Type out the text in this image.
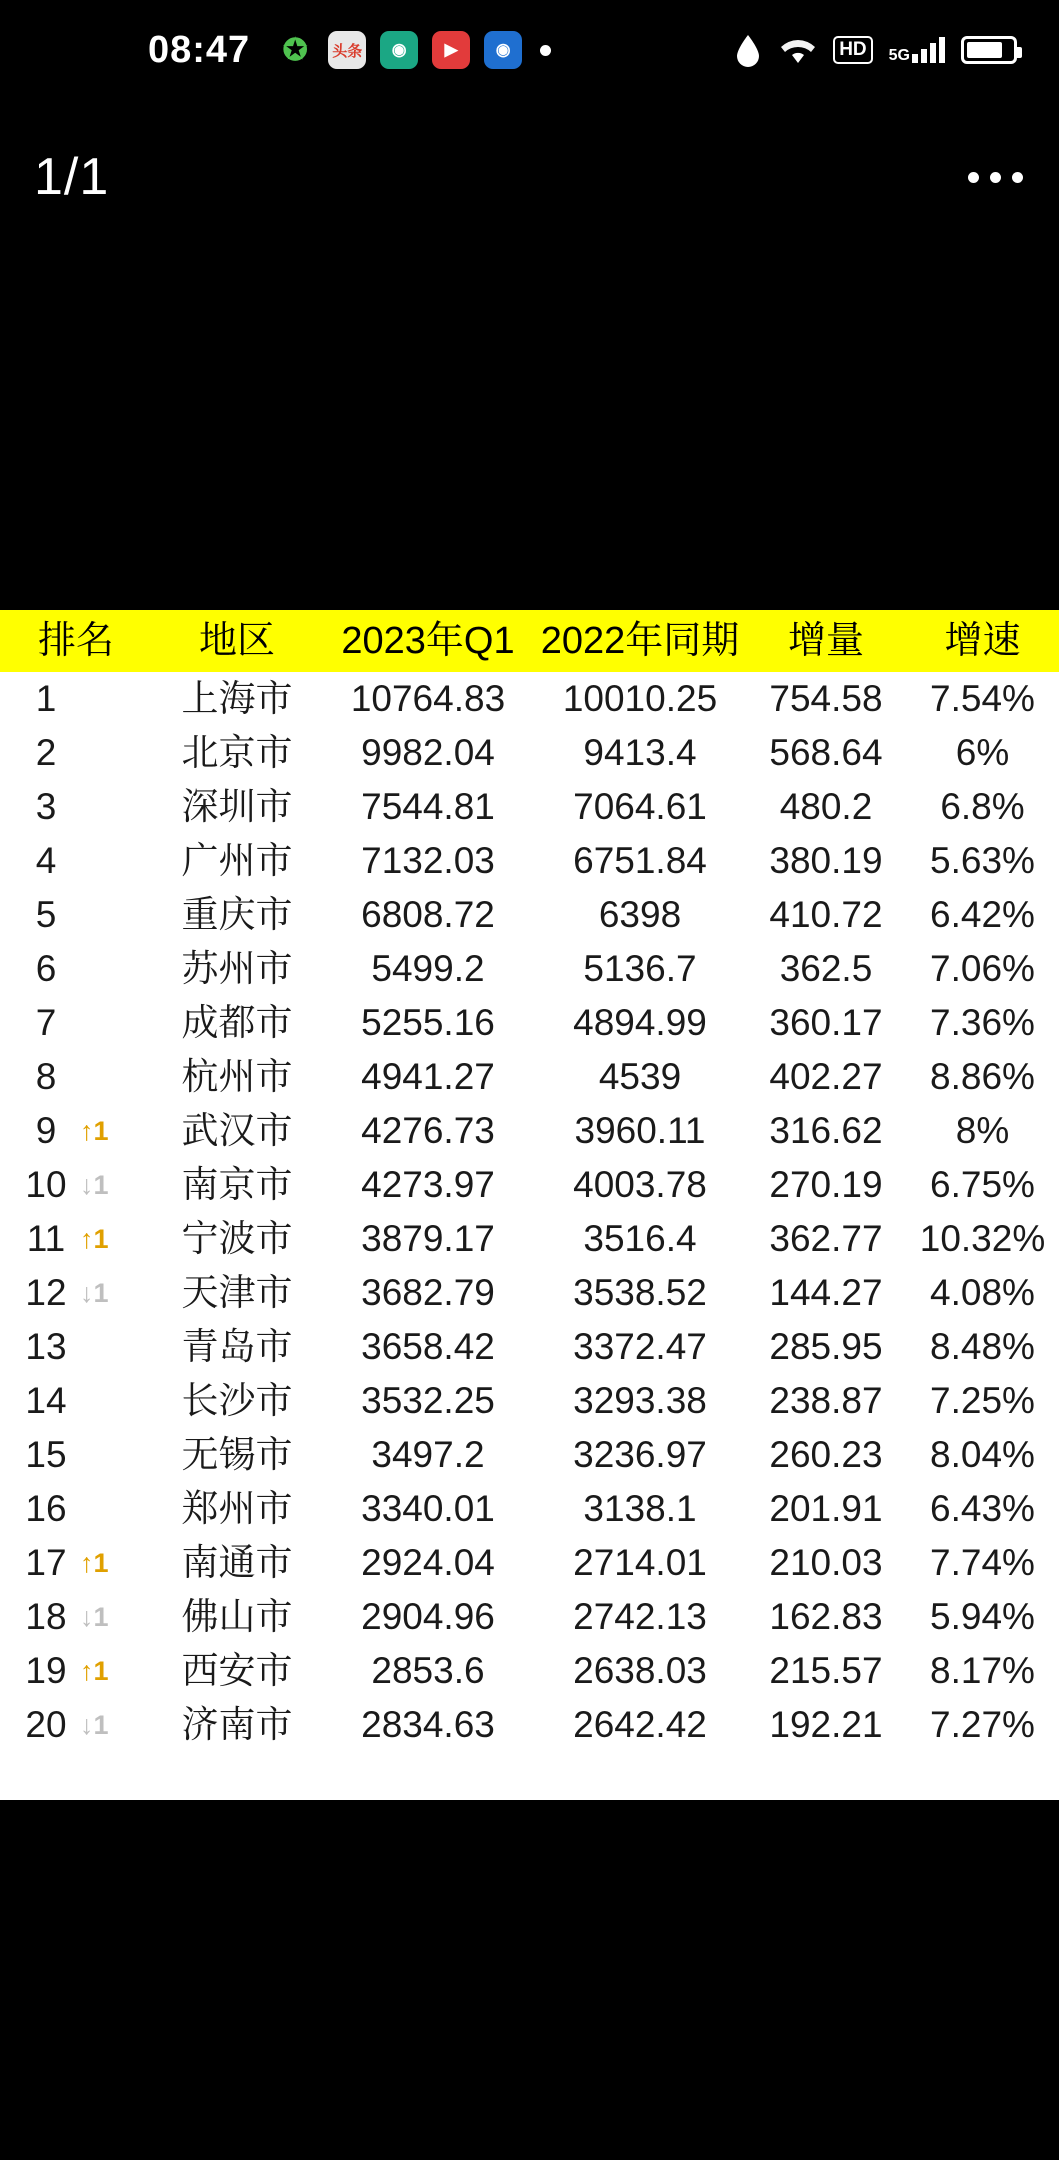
08:47 ✪	头条	◉	▶	◉	HD	5G
1/1
排名	地区	2023年Q1	2022年同期	增量	增速

1	上海市	10764.83	10010.25	754.58	7.54%

2	北京市	9982.04	9413.4	568.64	6%

3	深圳市	7544.81	7064.61	480.2	6.8%

4	广州市	7132.03	6751.84	380.19	5.63%

5	重庆市	6808.72	6398	410.72	6.42%

6	苏州市	5499.2	5136.7	362.5	7.06%

7	成都市	5255.16	4894.99	360.17	7.36%

8	杭州市	4941.27	4539	402.27	8.86%

9 ↑1	武汉市	4276.73	3960.11	316.62	8%

10 ↓1	南京市	4273.97	4003.78	270.19	6.75%

11 ↑1	宁波市	3879.17	3516.4	362.77	10.32%

12 ↓1	天津市	3682.79	3538.52	144.27	4.08%

13	青岛市	3658.42	3372.47	285.95	8.48%

14	长沙市	3532.25	3293.38	238.87	7.25%

15	无锡市	3497.2	3236.97	260.23	8.04%

16	郑州市	3340.01	3138.1	201.91	6.43%

17 ↑1	南通市	2924.04	2714.01	210.03	7.74%

18 ↓1	佛山市	2904.96	2742.13	162.83	5.94%

19 ↑1	西安市	2853.6	2638.03	215.57	8.17%

20 ↓1	济南市	2834.63	2642.42	192.21	7.27%
